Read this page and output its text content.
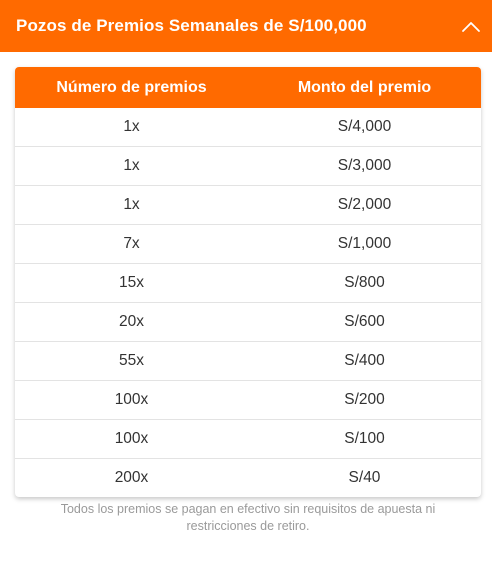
Pozos de Premios Semanales de S/100,000
Número de premios	Monto del premio
1x	S/4,000
1x	S/3,000
1x	S/2,000
7x	S/1,000
15x	S/800
20x	S/600
55x	S/400
100x	S/200
100x	S/100
200x	S/40
Todos los premios se pagan en efectivo sin requisitos de apuesta ni restricciones de retiro.
